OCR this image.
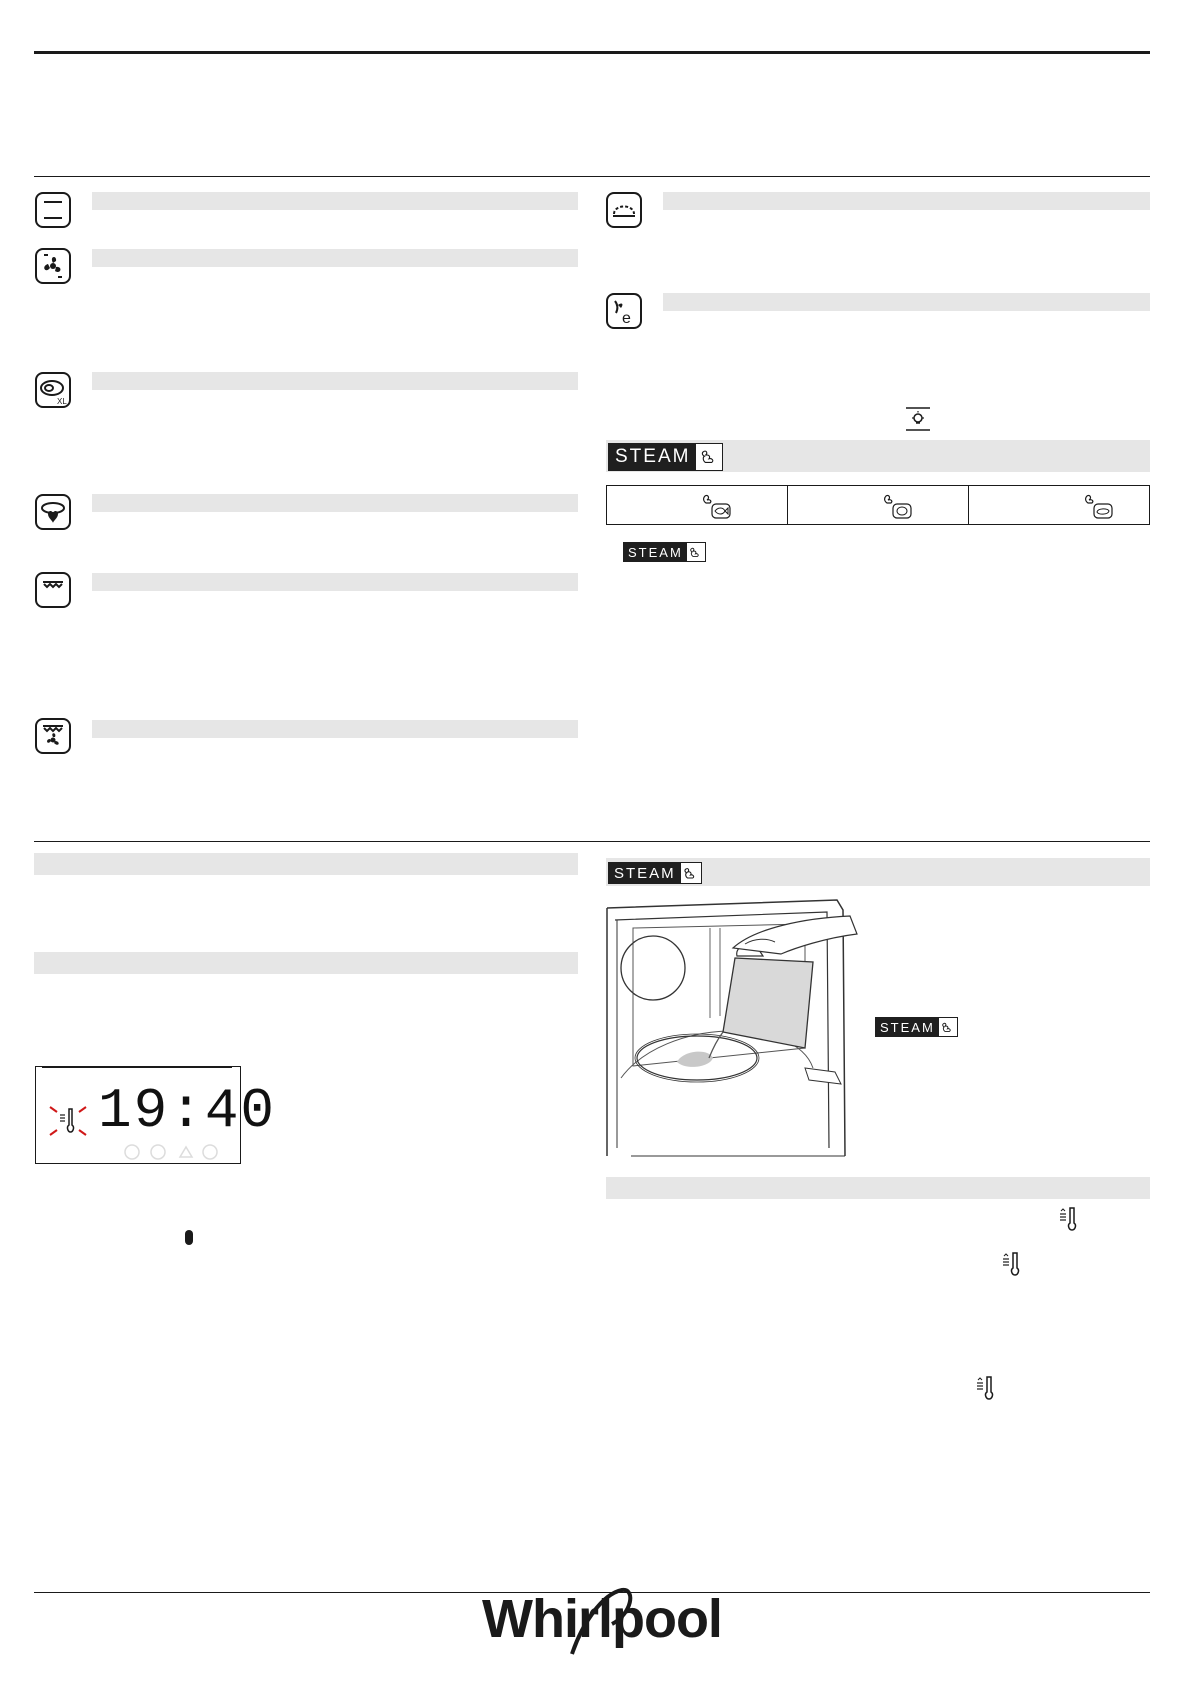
XL
e
STEAM
STEAM
19:40
STEAM
STEAM
Whirlpool
